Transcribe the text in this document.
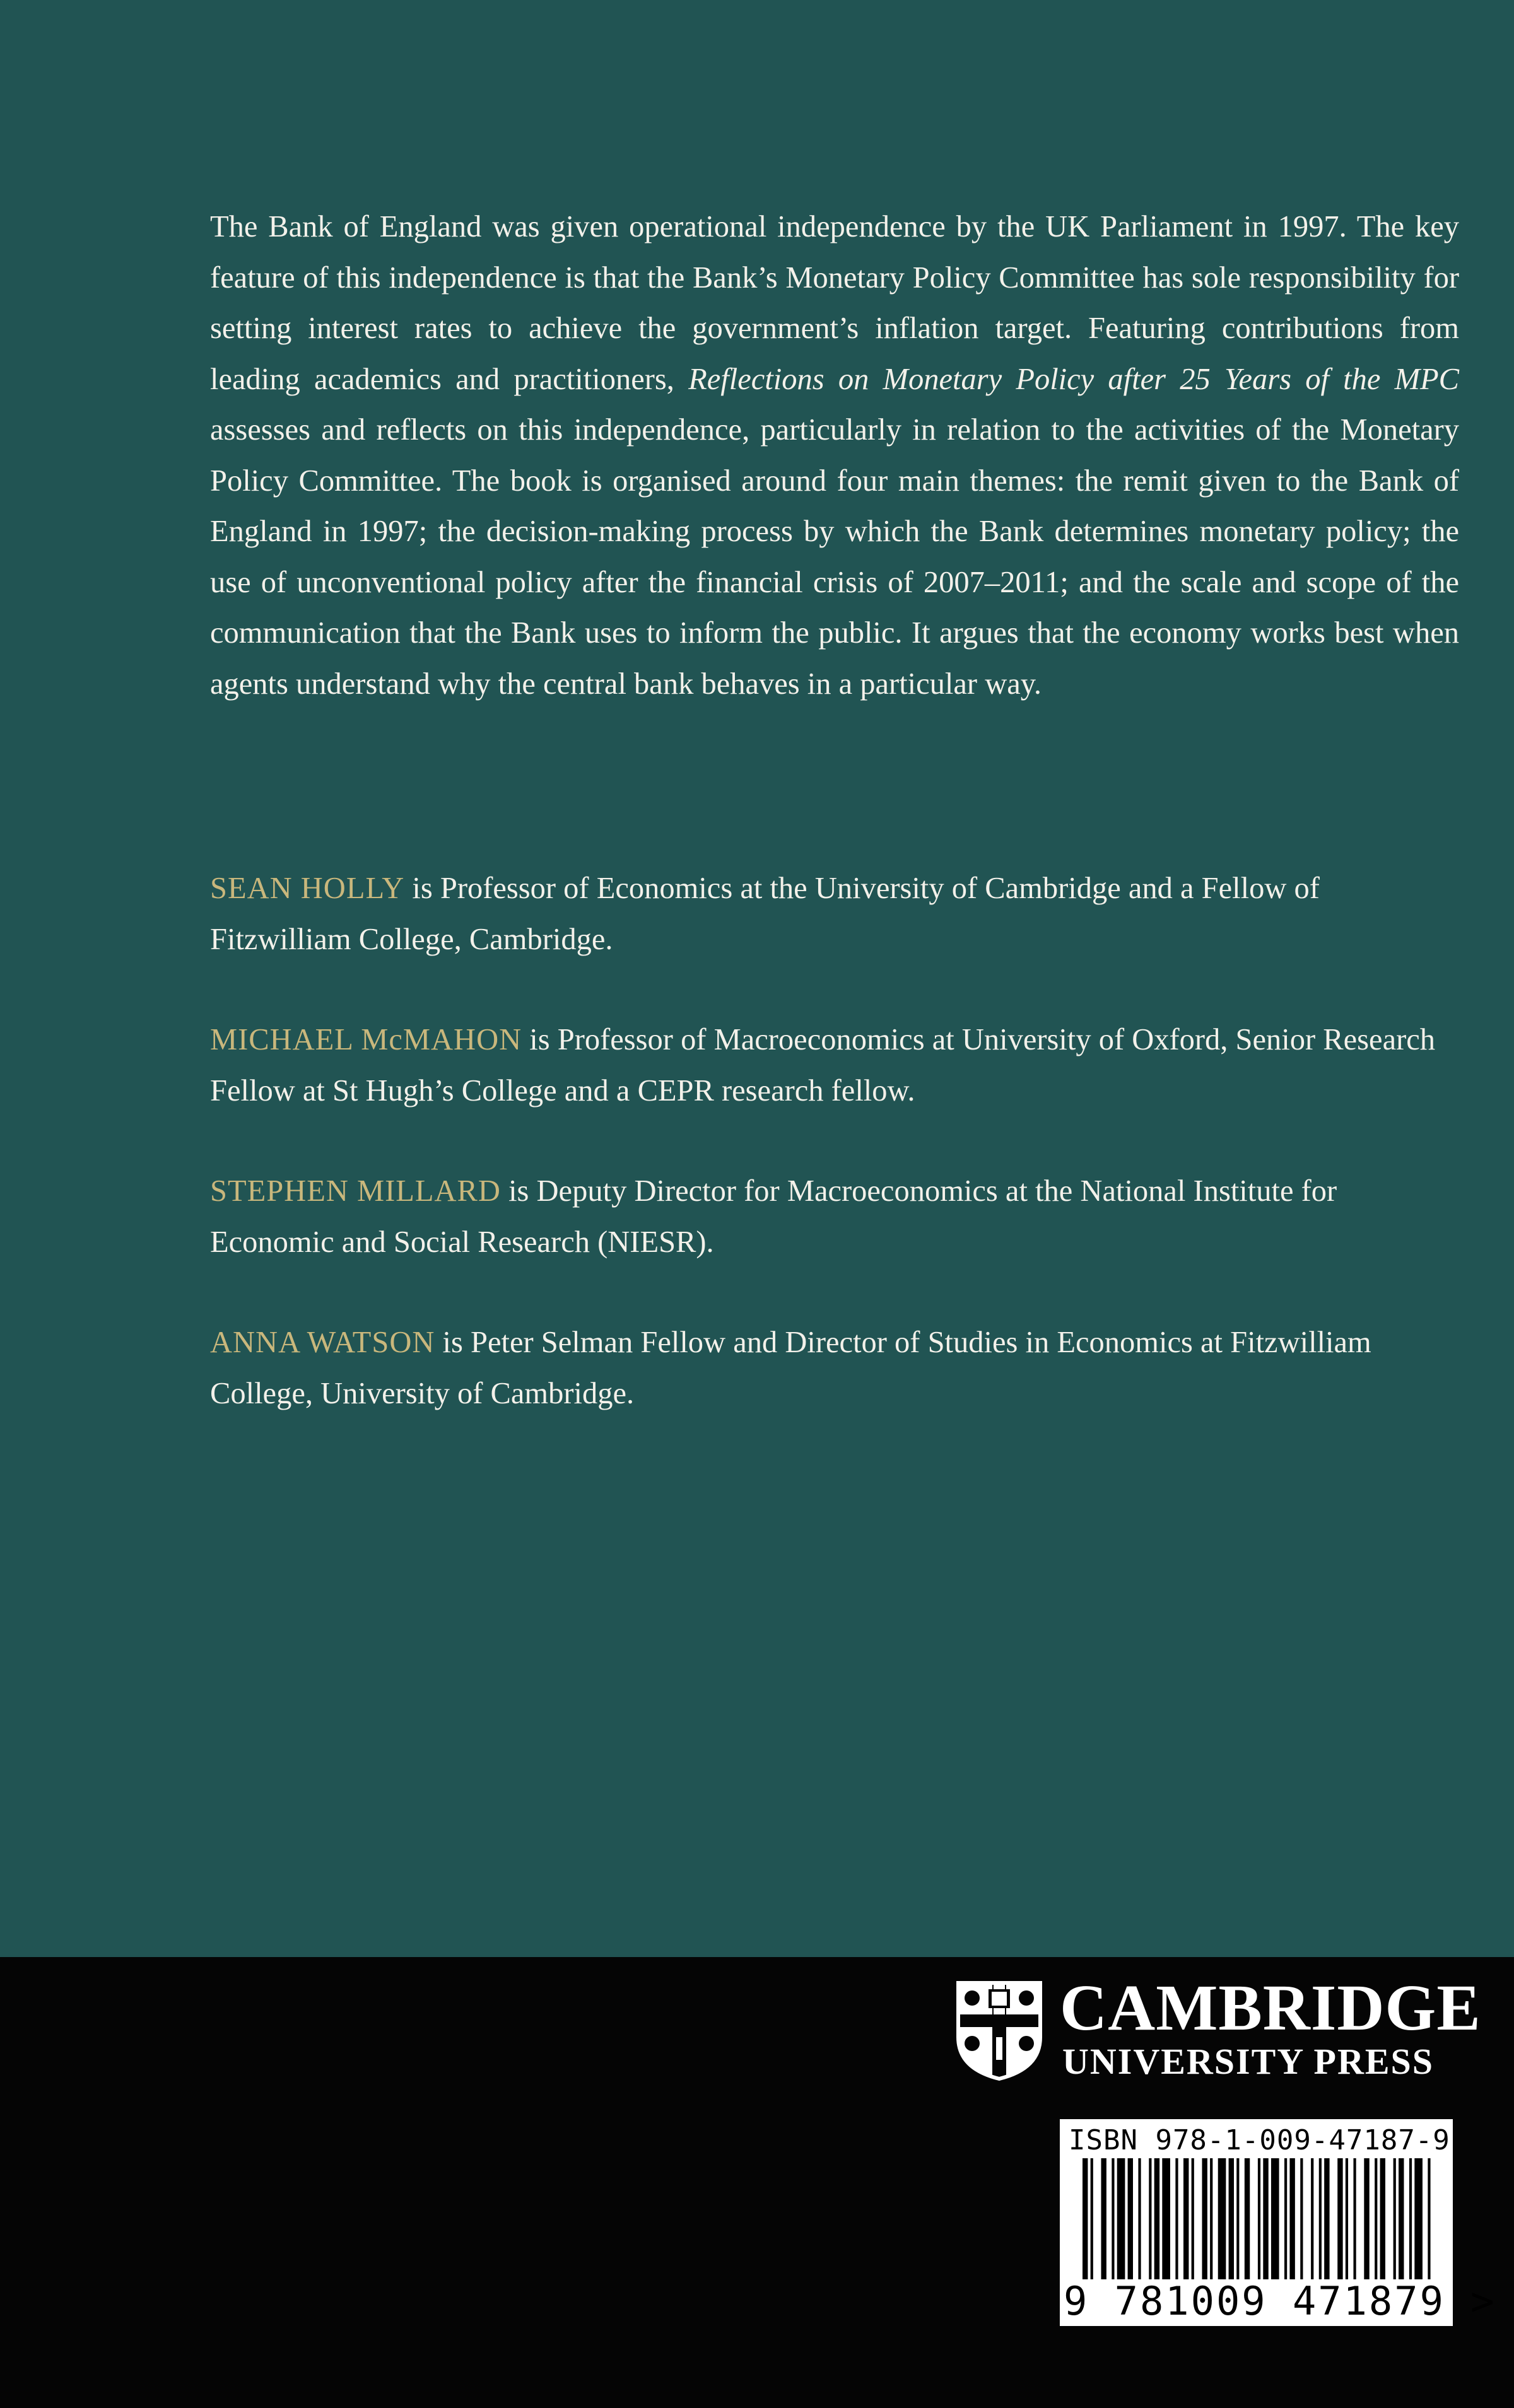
The Bank of England was given operational independence by the UK Parliament in 1997. The key feature of this independence is that the Bank’s Monetary Policy Committee has sole responsibility for setting interest rates to achieve the government’s inflation target. Featuring contributions from leading academics and practitioners, Reflections on Monetary Policy after 25 Years of the MPC assesses and reflects on this independence, particularly in relation to the activities of the Monetary Policy Committee. The book is organised around four main themes: the remit given to the Bank of England in 1997; the decision-making process by which the Bank determines monetary policy; the use of unconventional policy after the financial crisis of 2007–2011; and the scale and scope of the communication that the Bank uses to inform the public. It argues that the economy works best when agents understand why the central bank behaves in a particular way.

SEAN HOLLY is Professor of Economics at the University of Cambridge and a Fellow of Fitzwilliam College, Cambridge.

MICHAEL McMAHON is Professor of Macroeconomics at University of Oxford, Senior Research Fellow at St Hugh’s College and a CEPR research fellow.

STEPHEN MILLARD is Deputy Director for Macroeconomics at the National Institute for Economic and Social Research (NIESR).

ANNA WATSON is Peter Selman Fellow and Director of Studies in Economics at Fitzwilliam College, University of Cambridge.

CAMBRIDGE
UNIVERSITY PRESS
ISBN 978-1-009-47187-9
9 781009 471879 >
